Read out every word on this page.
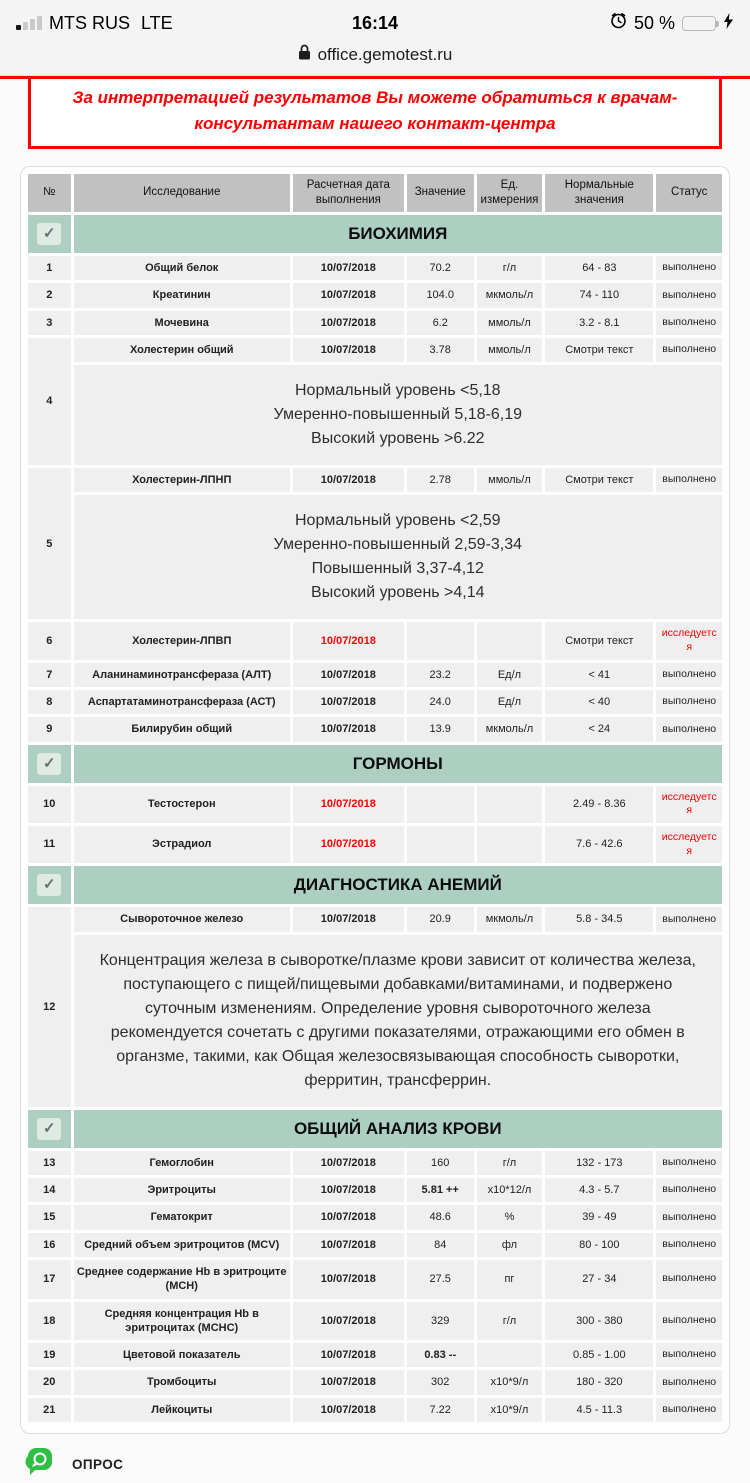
MTS RUS LTE	16:14	50 %
office.gemotest.ru
За интерпретацией результатов Вы можете обратиться к врачам-консультантам нашего контакт-центра
№	Исследование	Расчетная дата выполнения	Значение	Ед. измерения	Нормальные значения	Статус
✓	БИОХИМИЯ					
1	Общий белок	10/07/2018	70.2	г/л	64 - 83	выполнено
2	Креатинин	10/07/2018	104.0	мкмоль/л	74 - 110	выполнено
3	Мочевина	10/07/2018	6.2	ммоль/л	3.2 - 8.1	выполнено
4	Холестерин общий	10/07/2018	3.78	ммоль/л	Смотри текст	выполнено

	Нормальный уровень <5,18
Умеренно-повышенный 5,18-6,19
Высокий уровень >6.22					

5	Холестерин-ЛПНП	10/07/2018	2.78	ммоль/л	Смотри текст	выполнено

	Нормальный уровень <2,59
Умеренно-повышенный 2,59-3,34
Повышенный 3,37-4,12
Высокий уровень >4,14					

6	Холестерин-ЛПВП	10/07/2018			Смотри текст	исследуется
7	Аланинаминотрансфераза (АЛТ)	10/07/2018	23.2	Ед/л	< 41	выполнено
8	Аспартатаминотрансфераза (АСТ)	10/07/2018	24.0	Ед/л	< 40	выполнено
9	Билирубин общий	10/07/2018	13.9	мкмоль/л	< 24	выполнено
✓	ГОРМОНЫ					
10	Тестостерон	10/07/2018			2.49 - 8.36	исследуется
11	Эстрадиол	10/07/2018			7.6 - 42.6	исследуется
✓	ДИАГНОСТИКА АНЕМИЙ					
12	Сывороточное железо	10/07/2018	20.9	мкмоль/л	5.8 - 34.5	выполнено
	Концентрация железа в сыворотке/плазме крови зависит от количества железа, поступающего с пищей/пищевыми добавками/витаминами, и подвержено суточным изменениям. Определение уровня сывороточного железа рекомендуется сочетать с другими показателями, отражающими его обмен в органзме, такими, как Общая железосвязывающая способность сыворотки, ферритин, трансферрин.					
✓	ОБЩИЙ АНАЛИЗ КРОВИ					
13	Гемоглобин	10/07/2018	160	г/л	132 - 173	выполнено
14	Эритроциты	10/07/2018	5.81 ++	x10*12/л	4.3 - 5.7	выполнено
15	Гематокрит	10/07/2018	48.6	%	39 - 49	выполнено
16	Средний объем эритроцитов (MCV)	10/07/2018	84	фл	80 - 100	выполнено
17	Среднее содержание Hb в эритроците (МСН)	10/07/2018	27.5	пг	27 - 34	выполнено
18	Средняя концентрация Hb в эритроцитах (МСНС)	10/07/2018	329	г/л	300 - 380	выполнено
19	Цветовой показатель	10/07/2018	0.83 --		0.85 - 1.00	выполнено
20	Тромбоциты	10/07/2018	302	x10*9/л	180 - 320	выполнено
21	Лейкоциты	10/07/2018	7.22	x10*9/л	4.5 - 11.3	выполнено
ОПРОС
